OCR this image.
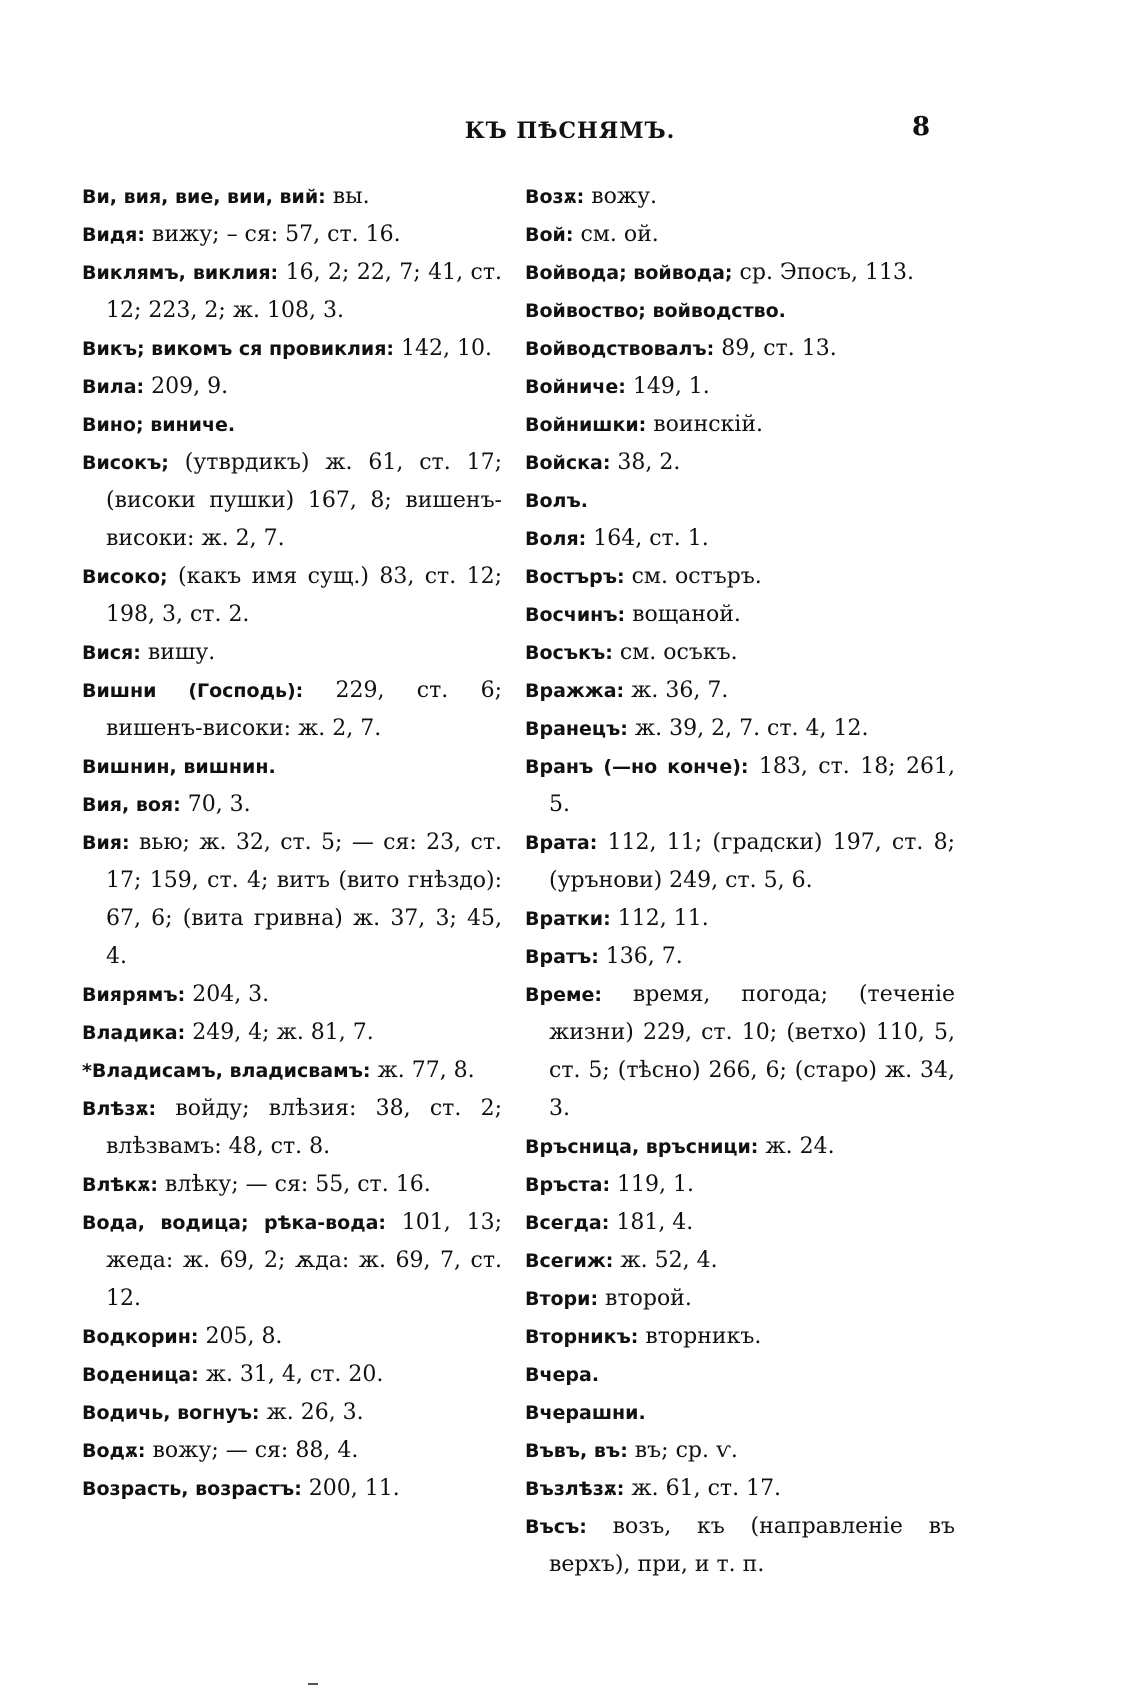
КЪ ПѢСНЯМЪ.	8

Ви, вия, вие, вии, вий: вы.

Видя: вижу; – ся: 57, ст. 16.

Виклямъ, виклия: 16, 2; 22, 7; 41, ст. 12; 223, 2; ж. 108, 3.

Викъ; викомъ ся провиклия: 142, 10.

Вила: 209, 9.

Вино; виниче.

Високъ; (утврдикъ) ж. 61, ст. 17; (високи пушки) 167, 8; вишенъ-високи: ж. 2, 7.

Високо; (какъ имя сущ.) 83, ст. 12; 198, 3, ст. 2.

Вися: вишу.

Вишни (Господь): 229, ст. 6; вишенъ-високи: ж. 2, 7.

Вишнин, вишнин.

Вия, воя: 70, 3.

Вия: вью; ж. 32, ст. 5; — ся: 23, ст. 17; 159, ст. 4; витъ (вито гнѣздо): 67, 6; (вита гривна) ж. 37, 3; 45, 4.

Виярямъ: 204, 3.

Владика: 249, 4; ж. 81, 7.

*Владисамъ, владисвамъ: ж. 77, 8.

Влѣзѫ: войду; влѣзия: 38, ст. 2; влѣзвамъ: 48, ст. 8.

Влѣкѫ: влѣку; — ся: 55, ст. 16.

Вода, водица; рѣка-вода: 101, 13; жеда: ж. 69, 2; ѫда: ж. 69, 7, ст. 12.

Водкорин: 205, 8.

Воденица: ж. 31, 4, ст. 20.

Водичь, вогнуъ: ж. 26, 3.

Водѫ: вожу; — ся: 88, 4.

Возрасть, возрастъ: 200, 11.

Возѫ: вожу.

Вой: см. ой.

Войвода; войвода; ср. Эпосъ, 113.

Войвоство; войводство.

Войводствовалъ: 89, ст. 13.

Войниче: 149, 1.

Войнишки: воинскій.

Войска: 38, 2.

Волъ.

Воля: 164, ст. 1.

Востъръ: см. остъръ.

Восчинъ: вощаной.

Восъкъ: см. осъкъ.

Вражжа: ж. 36, 7.

Вранецъ: ж. 39, 2, 7. ст. 4, 12.

Вранъ (—но конче): 183, ст. 18; 261, 5.

Врата: 112, 11; (градски) 197, ст. 8; (урънови) 249, ст. 5, 6.

Вратки: 112, 11.

Вратъ: 136, 7.

Време: время, погода; (теченіе жизни) 229, ст. 10; (ветхо) 110, 5, ст. 5; (тѣсно) 266, 6; (старо) ж. 34, 3.

Връсница, връсници: ж. 24.

Връста: 119, 1.

Всегда: 181, 4.

Всегиж: ж. 52, 4.

Втори: второй.

Вторникъ: вторникъ.

Вчера.

Вчерашни.

Въвъ, въ: въ; ср. ѵ.

Възлѣзѫ: ж. 61, ст. 17.

Въсъ: возъ, къ (направленіе въ верхъ), при, и т. п.
